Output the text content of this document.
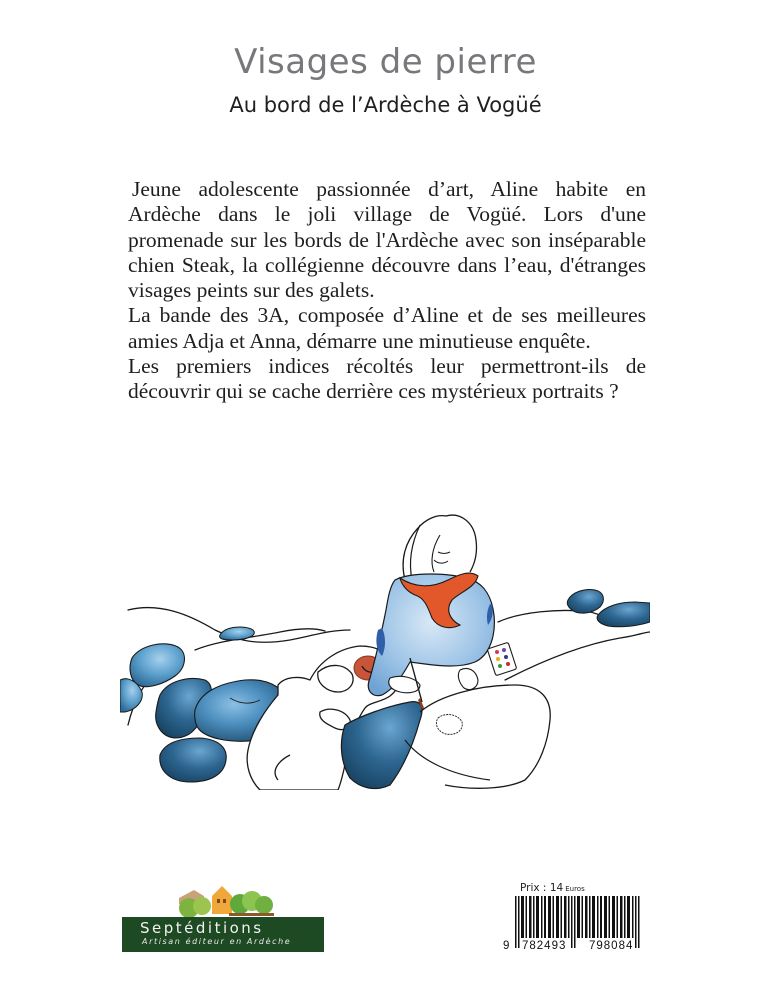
Visages de pierre
Au bord de l’Ardèche à Vogüé

Jeune adolescente passionnée d’art, Aline habite en Ardèche dans le joli village de Vogüé. Lors d'une promenade sur les bords de l'Ardèche avec son inséparable chien Steak, la collégienne découvre dans l’eau, d'étranges visages peints sur des galets.

La bande des 3A, composée d’Aline et de ses meilleures amies Adja et Anna, démarre une minutieuse enquête.

Les premiers indices récoltés leur permettront-ils de découvrir qui se cache derrière ces mystérieux portraits ?

Septéditions
Artisan éditeur en Ardèche
Prix : 14 Euros
9 782493 798084
